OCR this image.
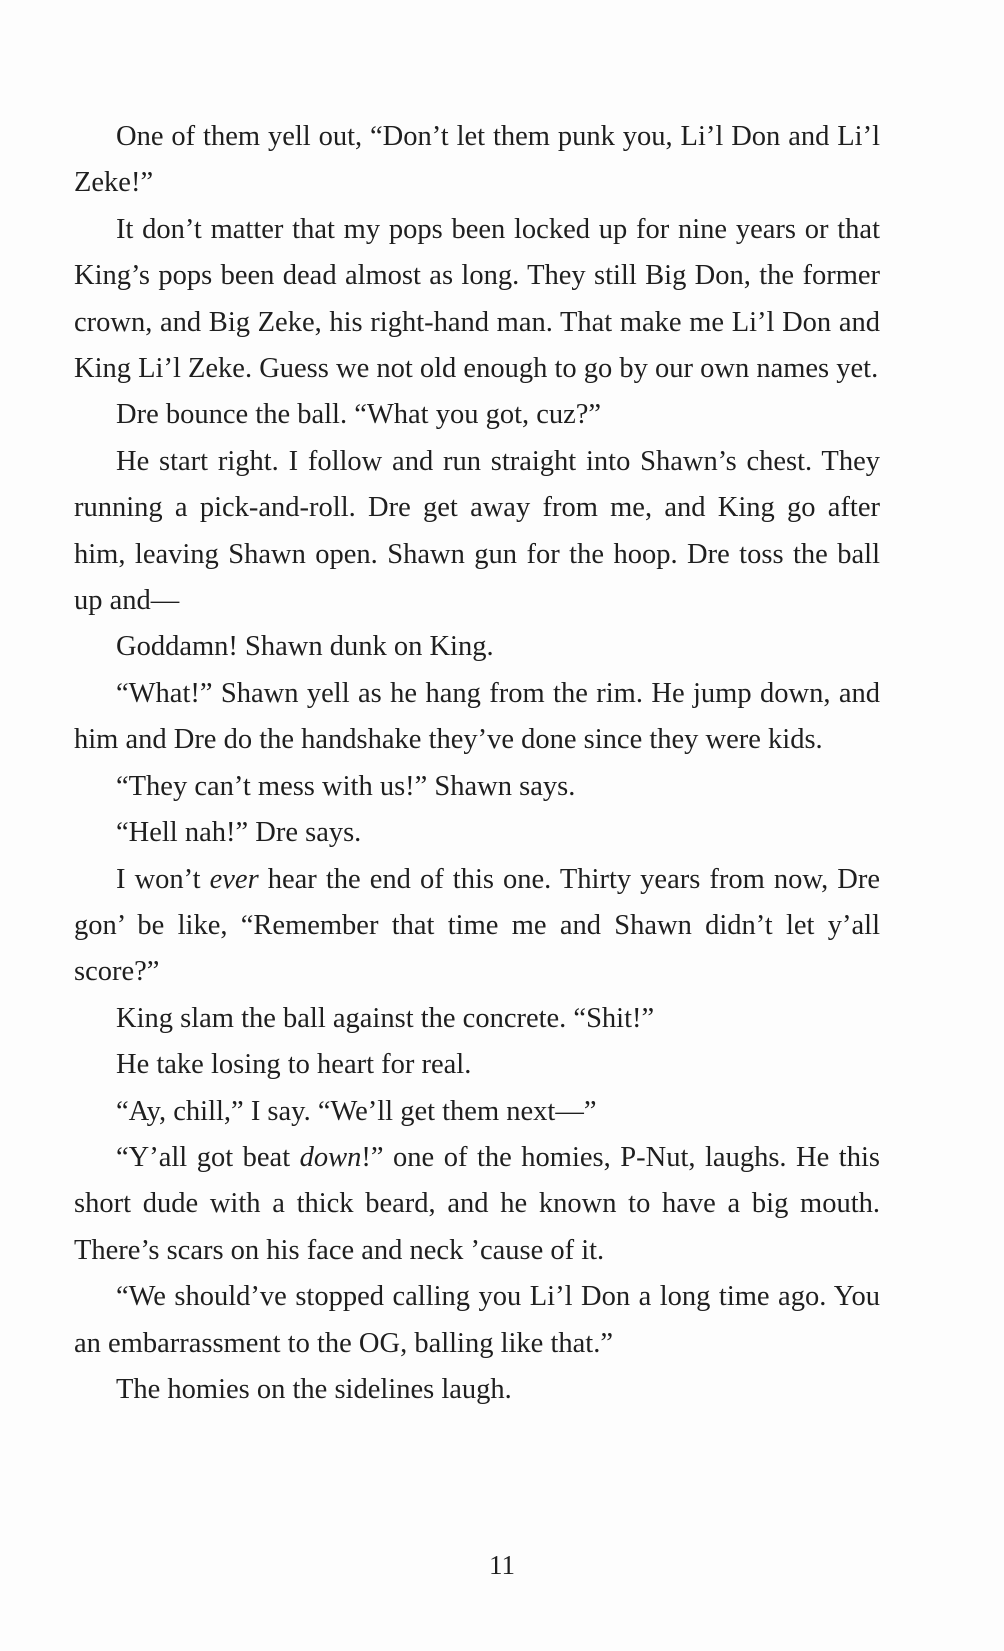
One of them yell out, “Don’t let them punk you, Li’l Don and Li’l Zeke!”

It don’t matter that my pops been locked up for nine years or that King’s pops been dead almost as long. They still Big Don, the former crown, and Big Zeke, his right-hand man. That make me Li’l Don and King Li’l Zeke. Guess we not old enough to go by our own names yet.

Dre bounce the ball. “What you got, cuz?”

He start right. I follow and run straight into Shawn’s chest. They running a pick-and-roll. Dre get away from me, and King go after him, leaving Shawn open. Shawn gun for the hoop. Dre toss the ball up and—

Goddamn! Shawn dunk on King.

“What!” Shawn yell as he hang from the rim. He jump down, and him and Dre do the handshake they’ve done since they were kids.

“They can’t mess with us!” Shawn says.

“Hell nah!” Dre says.

I won’t ever hear the end of this one. Thirty years from now, Dre gon’ be like, “Remember that time me and Shawn didn’t let y’all score?”

King slam the ball against the concrete. “Shit!”

He take losing to heart for real.

“Ay, chill,” I say. “We’ll get them next—”

“Y’all got beat down!” one of the homies, P-Nut, laughs. He this short dude with a thick beard, and he known to have a big mouth. There’s scars on his face and neck ’cause of it.

“We should’ve stopped calling you Li’l Don a long time ago. You an embarrassment to the OG, balling like that.”

The homies on the sidelines laugh.

11
